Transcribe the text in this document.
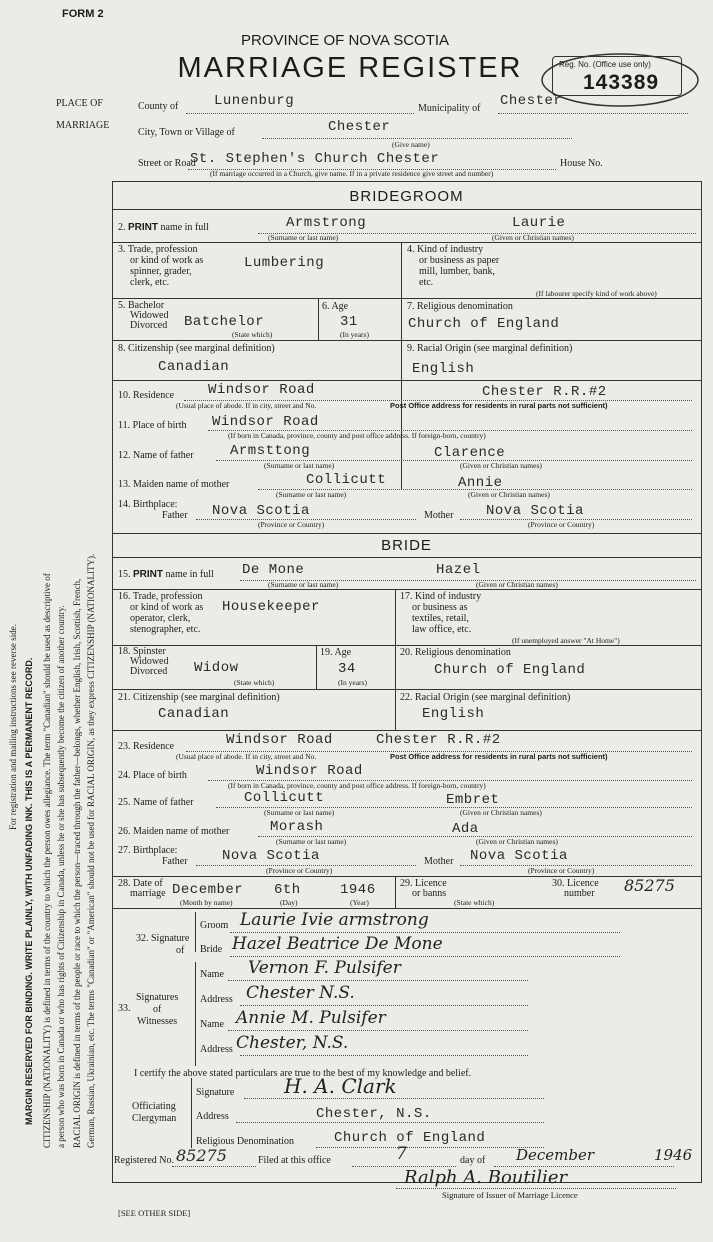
FORM 2
PROVINCE OF NOVA SCOTIA
MARRIAGE REGISTER	Reg. No. (Office use only)
143389
PLACE OF
MARRIAGE
County of	Lunenburg	Municipality of Chester
City, Town or Village of	Chester
(Give name)
Street or Road
St. Stephen's Church Chester	House No.
(If marriage occurred in a Church, give name. If in a private residence give street and number)
For registration and mailing instructions see reverse side. MARGIN RESERVED FOR BINDING. WRITE PLAINLY, WITH UNFADING INK. THIS IS A PERMANENT RECORD. CITIZENSHIP (NATIONALITY) is defined in terms of the country to which the person owes allegiance. The term "Canadian" should be used as descriptive of a person who was born in Canada or who has rights of Citizenship in Canada, unless he or she has subsequently become the citizen of another country. RACIAL ORIGIN is defined in terms of the people or race to which the person—traced through the father—belongs, whether English, Irish, Scottish, French, German, Russian, Ukrainian, etc. The terms "Canadian" or "American" should not be used for RACIAL ORIGIN, as they express CITIZENSHIP (NATIONALITY).
BRIDEGROOM
2. PRINT name in full	Armstrong	Laurie
(Surname or last name)	(Given or Christian names)
3. Trade, profession
or kind of work as
spinner, grader,
clerk, etc.
Lumbering
4. Kind of industry
or business as paper
mill, lumber, bank,
etc.
(If labourer specify kind of work above)
5. Bachelor
Widowed
Divorced Batchelor
(State which)
6. Age
31
(In years)
7. Religious denomination
Church of England
8. Citizenship (see marginal definition)
Canadian
9. Racial Origin (see marginal definition)
English
10. Residence Windsor Road	Chester R.R.#2
(Usual place of abode. If in city, street and No.	Post Office address for residents in rural parts not sufficient)
11. Place of birth Windsor Road
(If born in Canada, province, county and post office address. If foreign-born, country)
12. Name of father	Armsttong	Clarence
(Surname or last name)	(Given or Christian names)
13. Maiden name of mother	Collicutt	Annie
(Surname or last name)	(Given or Christian names)
14. Birthplace:
Father Nova Scotia	Mother Nova Scotia
(Province or Country)	(Province or Country)
BRIDE
15. PRINT name in full De Mone	Hazel
(Surname or last name)	(Given or Christian names)
16. Trade, profession
or kind of work as
operator, clerk,
stenographer, etc.
Housekeeper
17. Kind of industry
or business as
textiles, retail,
law office, etc.
(If unemployed answer "At Home")
18. Spinster
Widowed
Divorced Widow
(State which)
19. Age
34
(In years)
20. Religious denomination
Church of England
21. Citizenship (see marginal definition)
Canadian
22. Racial Origin (see marginal definition)
English
23. Residence	Windsor Road	Chester R.R.#2
(Usual place of abode. If in city, street and No.	Post Office address for residents in rural parts not sufficient)
24. Place of birth	Windsor Road
(If born in Canada, province, county and post office address. If foreign-born, country)
25. Name of father	Collicutt	Embret
(Surname or last name)	(Given or Christian names)
26. Maiden name of mother	Morash	Ada
(Surname or last name)	(Given or Christian names)
27. Birthplace:
Father Nova Scotia	Mother Nova Scotia
(Province or Country)	(Province or Country)
28. Date of
marriage December 6th	1946
(Month by name)	(Day)	(Year)
29. Licence
or banns
(State which)
30. Licence
number 85275
32. Signature
of
Groom Laurie Ivie armstrong
Bride Hazel Beatrice De Mone
33.
Signatures
of
Witnesses
Name Vernon F. Pulsifer
Address Chester N.S.
Name Annie M. Pulsifer
Address Chester, N.S.
I certify the above stated particulars are true to the best of my knowledge and belief.
Officiating
Clergyman
Signature H. A. Clark
Address	Chester, N.S.
Religious Denomination	Church of England
Registered No. 85275	Filed at this office	7	day of December	1946
Ralph A. Boutilier
Signature of Issuer of Marriage Licence
[SEE OTHER SIDE]
